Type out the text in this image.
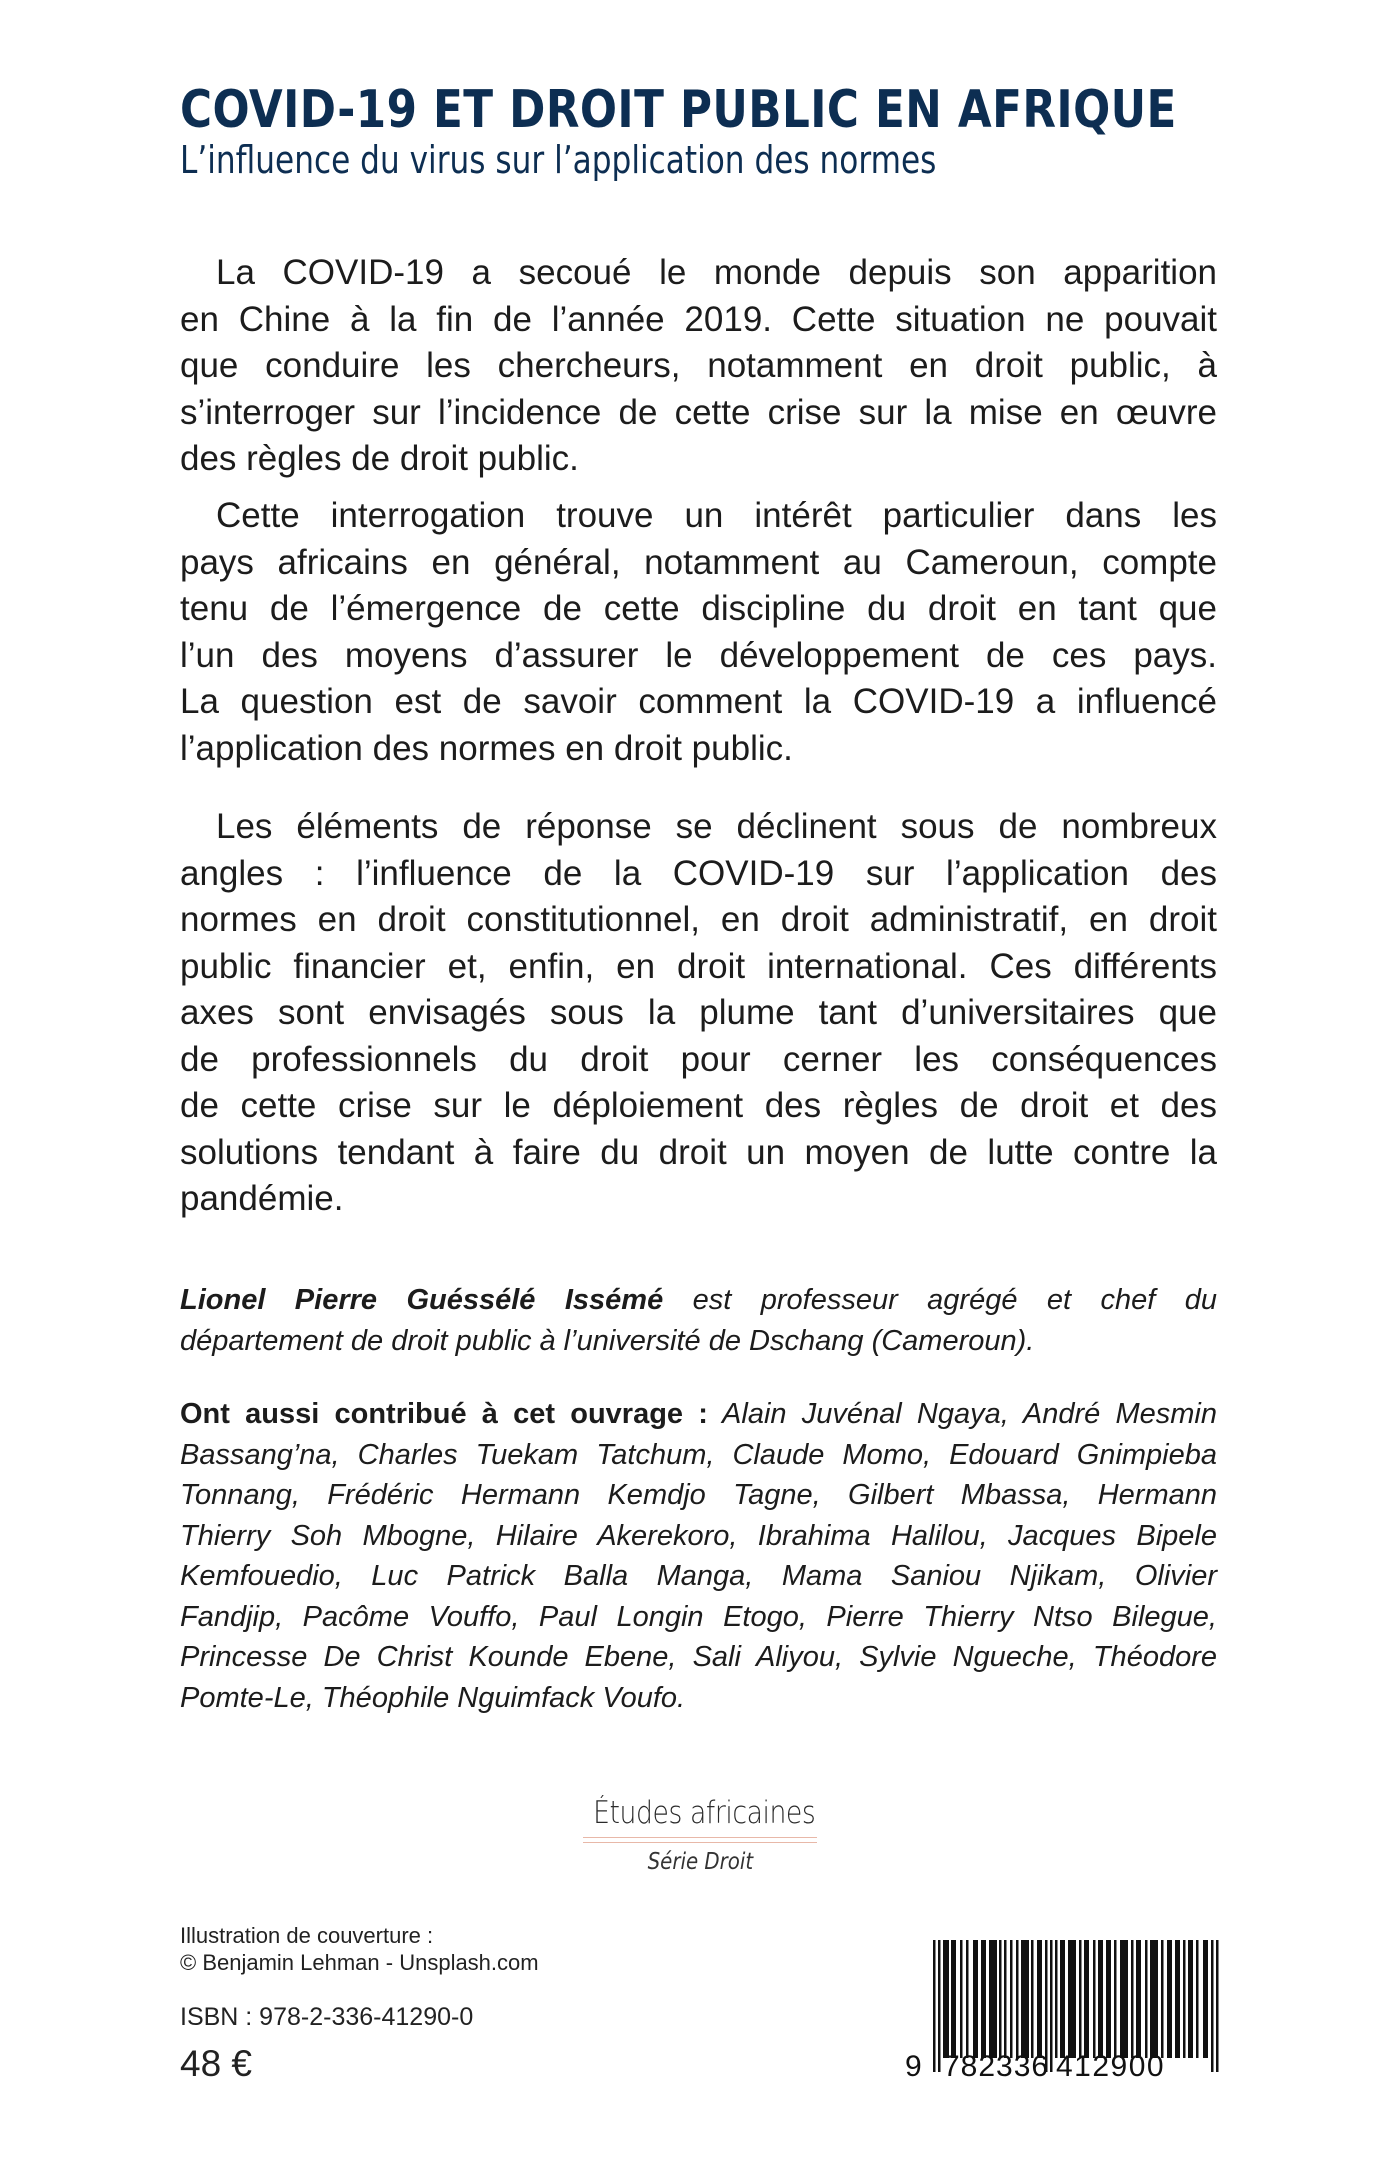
COVID-19 ET DROIT PUBLIC EN AFRIQUE
L’influence du virus sur l’application des normes
La COVID-19 a secoué le monde depuis son apparition
en Chine à la fin de l’année 2019. Cette situation ne pouvait
que conduire les chercheurs, notamment en droit public, à
s’interroger sur l’incidence de cette crise sur la mise en œuvre
des règles de droit public.
Cette interrogation trouve un intérêt particulier dans les
pays africains en général, notamment au Cameroun, compte
tenu de l’émergence de cette discipline du droit en tant que
l’un des moyens d’assurer le développement de ces pays.
La question est de savoir comment la COVID-19 a influencé
l’application des normes en droit public.
Les éléments de réponse se déclinent sous de nombreux
angles : l’influence de la COVID-19 sur l’application des
normes en droit constitutionnel, en droit administratif, en droit
public financier et, enfin, en droit international. Ces différents
axes sont envisagés sous la plume tant d’universitaires que
de professionnels du droit pour cerner les conséquences
de cette crise sur le déploiement des règles de droit et des
solutions tendant à faire du droit un moyen de lutte contre la
pandémie.
Lionel Pierre Guéssélé Issémé est professeur agrégé et chef du
département de droit public à l’université de Dschang (Cameroun).
Ont aussi contribué à cet ouvrage : Alain Juvénal Ngaya, André Mesmin
Bassang’na, Charles Tuekam Tatchum, Claude Momo, Edouard Gnimpieba
Tonnang, Frédéric Hermann Kemdjo Tagne, Gilbert Mbassa, Hermann
Thierry Soh Mbogne, Hilaire Akerekoro, Ibrahima Halilou, Jacques Bipele
Kemfouedio, Luc Patrick Balla Manga, Mama Saniou Njikam, Olivier
Fandjip, Pacôme Vouffo, Paul Longin Etogo, Pierre Thierry Ntso Bilegue,
Princesse De Christ Kounde Ebene, Sali Aliyou, Sylvie Ngueche, Théodore
Pomte-Le, Théophile Nguimfack Voufo.
Études africaines
Série Droit
Illustration de couverture :
© Benjamin Lehman - Unsplash.com
ISBN : 978-2-336-41290-0
48 €	9 782336 412900
